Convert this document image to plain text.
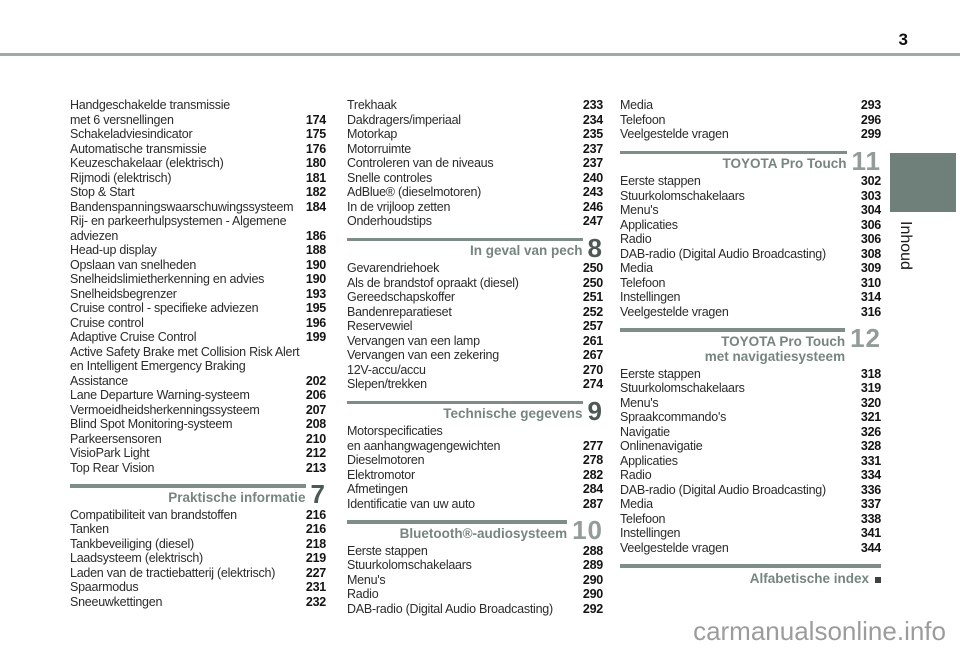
3
Handgeschakelde transmissie
met 6 versnellingen	174
Schakeladviesindicator	175
Automatische transmissie	176
Keuzeschakelaar (elektrisch)	180
Rijmodi (elektrisch)	181
Stop & Start	182
Bandenspanningswaarschuwingssysteem	184
Rij- en parkeerhulpsystemen - Algemene
adviezen	186
Head-up display	188
Opslaan van snelheden	190
Snelheidslimietherkenning en advies	190
Snelheidsbegrenzer	193
Cruise control - specifieke adviezen	195
Cruise control	196
Adaptive Cruise Control	199
Active Safety Brake met Collision Risk Alert
en Intelligent Emergency Braking
Assistance	202
Lane Departure Warning-systeem	206
Vermoeidheidsherkenningssysteem	207
Blind Spot Monitoring-systeem	208
Parkeersensoren	210
VisioPark Light	212
Top Rear Vision	213
Praktische informatie 7
Compatibiliteit van brandstoffen	216
Tanken	216
Tankbeveiliging (diesel)	218
Laadsysteem (elektrisch)	219
Laden van de tractiebatterij (elektrisch)	227
Spaarmodus	231
Sneeuwkettingen	232
Trekhaak	233
Dakdragers/imperiaal	234
Motorkap	235
Motorruimte	237
Controleren van de niveaus	237
Snelle controles	240
AdBlue® (dieselmotoren)	243
In de vrijloop zetten	246
Onderhoudstips	247
In geval van pech 8
Gevarendriehoek	250
Als de brandstof opraakt (diesel)	250
Gereedschapskoffer	251
Bandenreparatieset	252
Reservewiel	257
Vervangen van een lamp	261
Vervangen van een zekering	267
12V-accu/accu	270
Slepen/trekken	274
Technische gegevens 9
Motorspecificaties
en aanhangwagengewichten	277
Dieselmotoren	278
Elektromotor	282
Afmetingen	284
Identificatie van uw auto	287
Bluetooth®-audiosysteem 10
Eerste stappen	288
Stuurkolomschakelaars	289
Menu's	290
Radio	290
DAB-radio (Digital Audio Broadcasting)	292
Media	293
Telefoon	296
Veelgestelde vragen	299
TOYOTA Pro Touch 11
Eerste stappen	302
Stuurkolomschakelaars	303
Menu's	304
Applicaties	306
Radio	306
DAB-radio (Digital Audio Broadcasting)	308
Media	309
Telefoon	310
Instellingen	314
Veelgestelde vragen	316
TOYOTA Pro Touch
met navigatiesysteem
12
Eerste stappen	318
Stuurkolomschakelaars	319
Menu's	320
Spraakcommando's	321
Navigatie	326
Onlinenavigatie	328
Applicaties	331
Radio	334
DAB-radio (Digital Audio Broadcasting)	336
Media	337
Telefoon	338
Instellingen	341
Veelgestelde vragen	344
Alfabetische index
Inhoud
carmanualsonline.info
